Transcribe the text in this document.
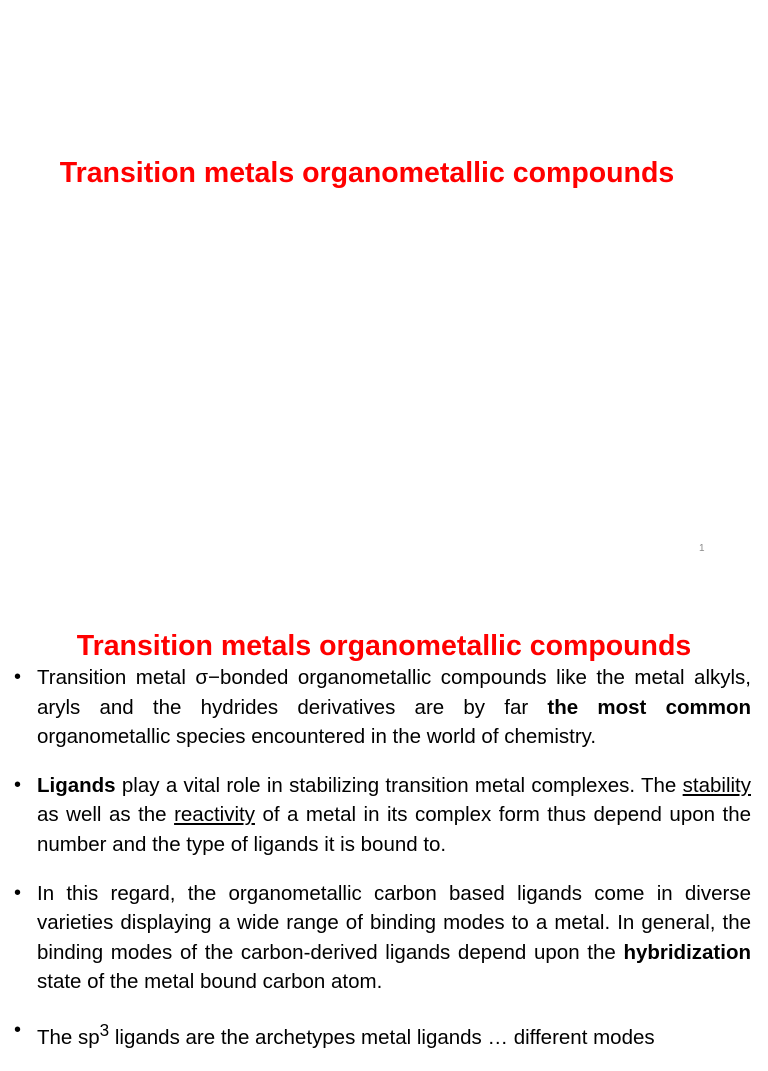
Transition metals organometallic compounds
1
Transition metals organometallic compounds
• Transition metal σ−bonded organometallic compounds like the metal alkyls, aryls and the hydrides derivatives are by far the most common organometallic species encountered in the world of chemistry.
• Ligands play a vital role in stabilizing transition metal complexes. The stability as well as the reactivity of a metal in its complex form thus depend upon the number and the type of ligands it is bound to.
• In this regard, the organometallic carbon based ligands come in diverse varieties displaying a wide range of binding modes to a metal. In general, the binding modes of the carbon-derived ligands depend upon the hybridization state of the metal bound carbon atom.
• The $sp^3$ ligands are the archetypes metal ligands … different modes
